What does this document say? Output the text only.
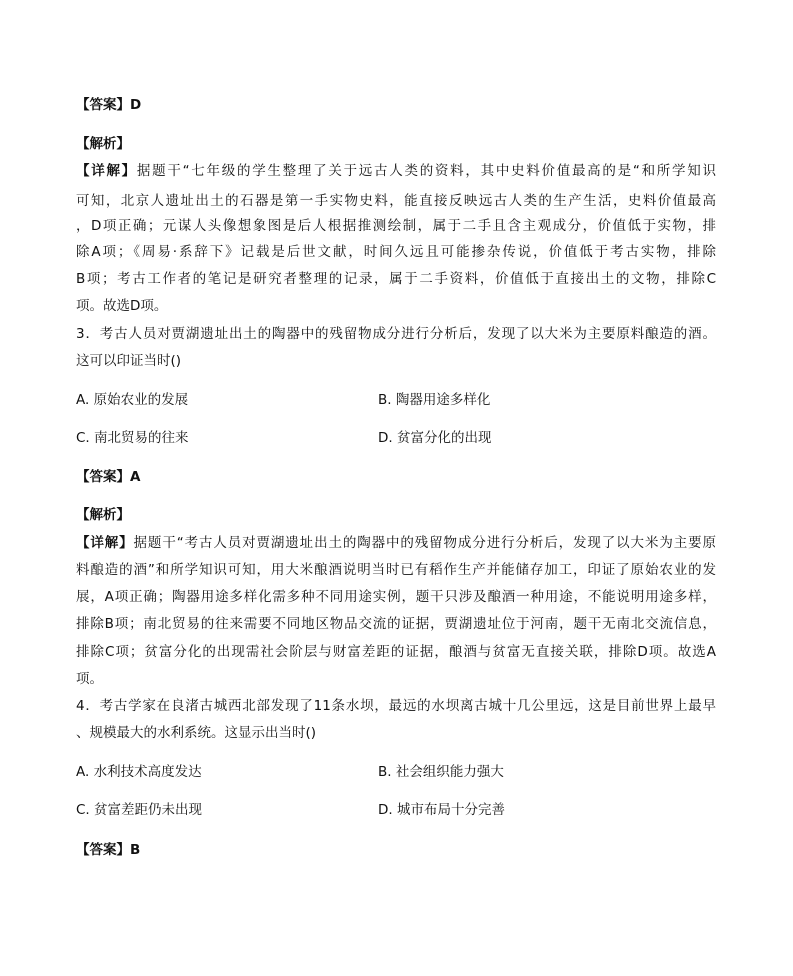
【答案】D
【解析】
【详解】据题干“七年级的学生整理了关于远古人类的资料，其中史料价值最高的是“和所学知识
可知，北京人遗址出土的石器是第一手实物史料，能直接反映远古人类的生产生活，史料价值最高
，D项正确；元谋人头像想象图是后人根据推测绘制，属于二手且含主观成分，价值低于实物，排
除A项；《周易·系辞下》记载是后世文献，时间久远且可能掺杂传说，价值低于考古实物，排除
B项；考古工作者的笔记是研究者整理的记录，属于二手资料，价值低于直接出土的文物，排除C
项。故选D项。
3．考古人员对贾湖遗址出土的陶器中的残留物成分进行分析后，发现了以大米为主要原料酿造的酒。
这可以印证当时()
A. 原始农业的发展	B. 陶器用途多样化
C. 南北贸易的往来	D. 贫富分化的出现
【答案】A
【解析】
【详解】据题干“考古人员对贾湖遗址出土的陶器中的残留物成分进行分析后，发现了以大米为主要原
料酿造的酒”和所学知识可知，用大米酿酒说明当时已有稻作生产并能储存加工，印证了原始农业的发
展，A项正确；陶器用途多样化需多种不同用途实例，题干只涉及酿酒一种用途，不能说明用途多样，
排除B项；南北贸易的往来需要不同地区物品交流的证据，贾湖遗址位于河南，题干无南北交流信息，
排除C项；贫富分化的出现需社会阶层与财富差距的证据，酿酒与贫富无直接关联，排除D项。故选A
项。
4．考古学家在良渚古城西北部发现了11条水坝，最远的水坝离古城十几公里远，这是目前世界上最早
、规模最大的水利系统。这显示出当时()
A. 水利技术高度发达	B. 社会组织能力强大
C. 贫富差距仍未出现	D. 城市布局十分完善
【答案】B
